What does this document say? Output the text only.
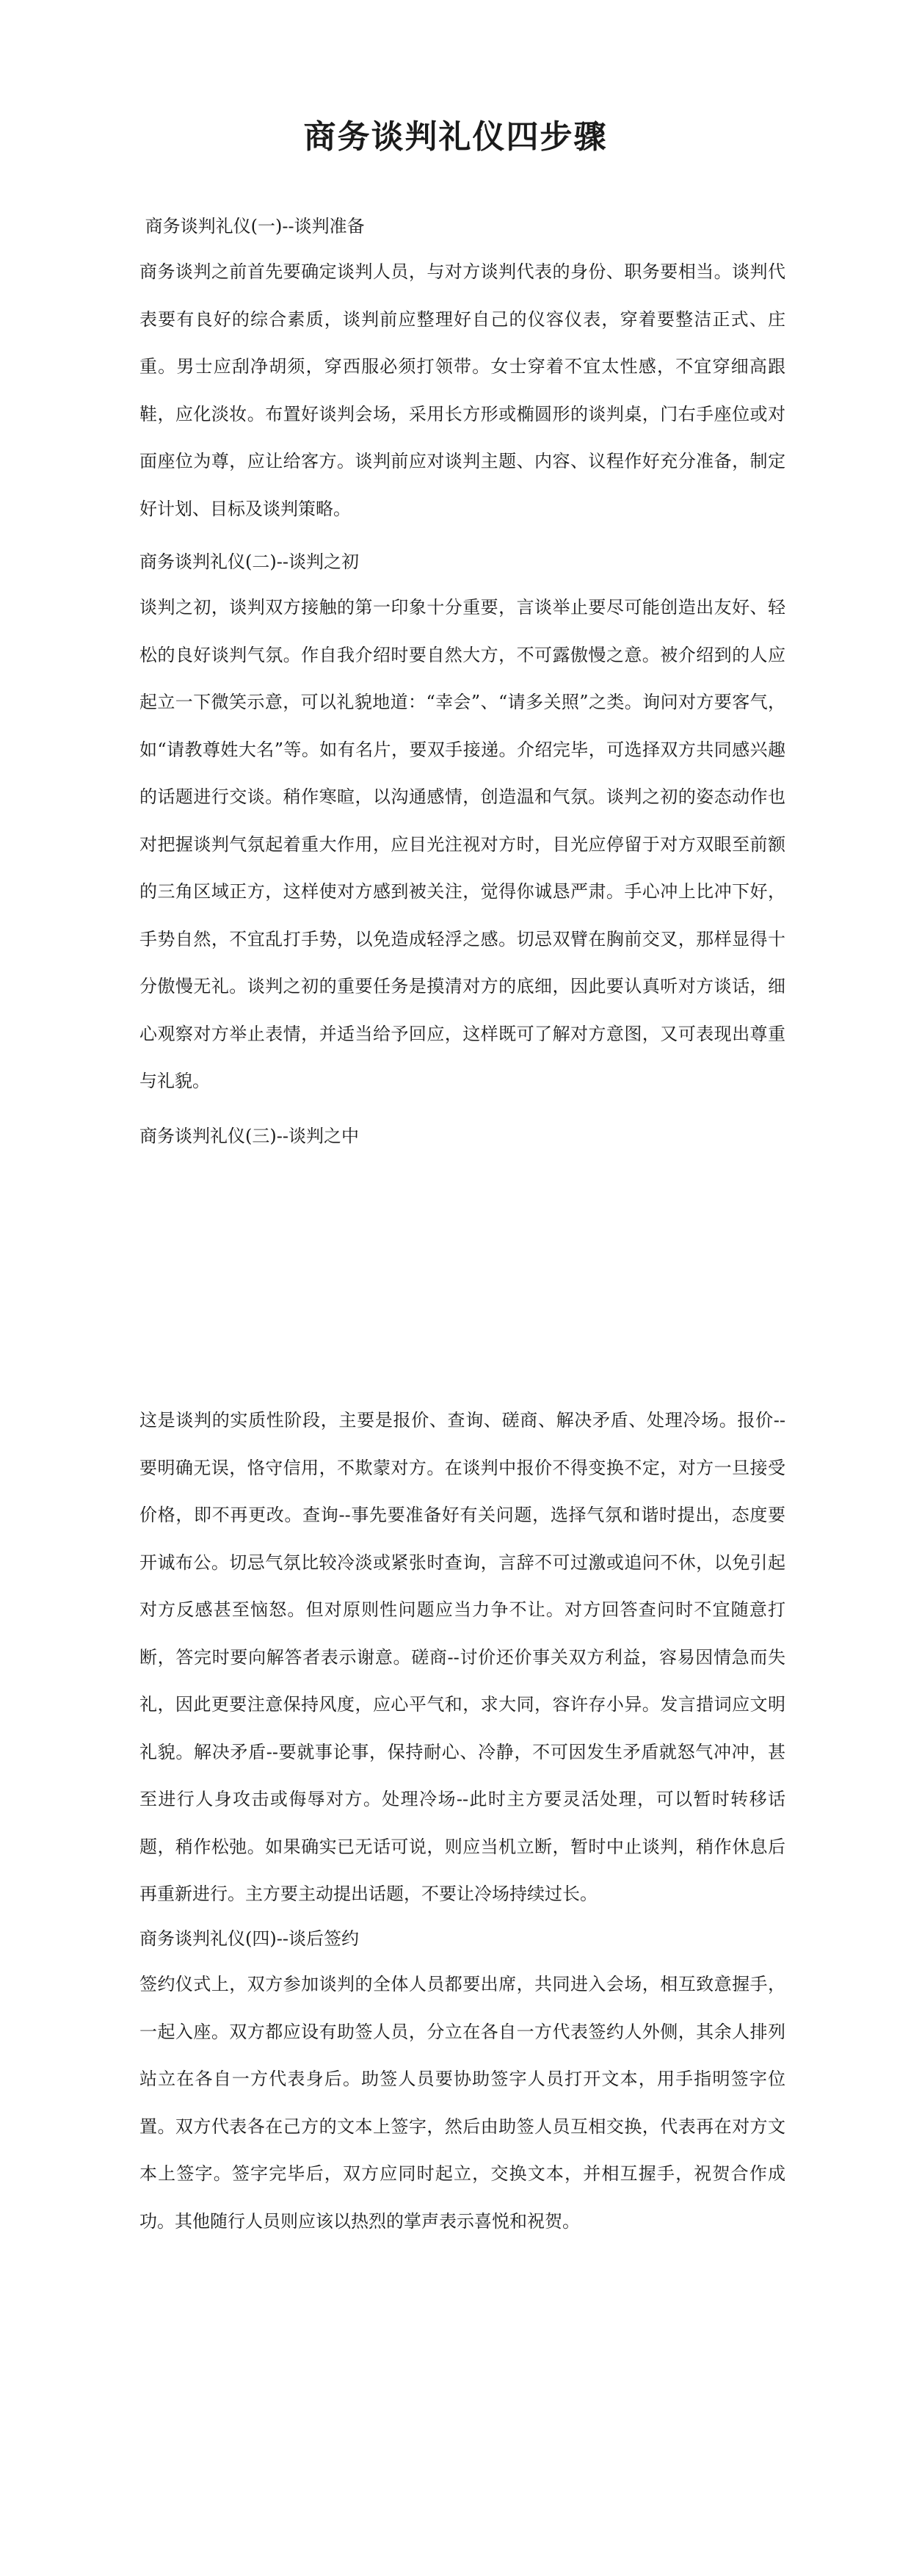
商务谈判礼仪四步骤

商务谈判礼仪(一)--谈判准备

商务谈判之前首先要确定谈判人员，与对方谈判代表的身份、职务要相当。谈判代表要有良好的综合素质，谈判前应整理好自己的仪容仪表，穿着要整洁正式、庄重。男士应刮净胡须，穿西服必须打领带。女士穿着不宜太性感，不宜穿细高跟鞋，应化淡妆。布置好谈判会场，采用长方形或椭圆形的谈判桌，门右手座位或对面座位为尊，应让给客方。谈判前应对谈判主题、内容、议程作好充分准备，制定好计划、目标及谈判策略。

商务谈判礼仪(二)--谈判之初

谈判之初，谈判双方接触的第一印象十分重要，言谈举止要尽可能创造出友好、轻松的良好谈判气氛。作自我介绍时要自然大方，不可露傲慢之意。被介绍到的人应起立一下微笑示意，可以礼貌地道：“幸会”、“请多关照”之类。询问对方要客气，如“请教尊姓大名”等。如有名片，要双手接递。介绍完毕，可选择双方共同感兴趣的话题进行交谈。稍作寒暄，以沟通感情，创造温和气氛。谈判之初的姿态动作也对把握谈判气氛起着重大作用，应目光注视对方时，目光应停留于对方双眼至前额的三角区域正方，这样使对方感到被关注，觉得你诚恳严肃。手心冲上比冲下好，手势自然，不宜乱打手势，以免造成轻浮之感。切忌双臂在胸前交叉，那样显得十分傲慢无礼。谈判之初的重要任务是摸清对方的底细，因此要认真听对方谈话，细心观察对方举止表情，并适当给予回应，这样既可了解对方意图，又可表现出尊重与礼貌。

商务谈判礼仪(三)--谈判之中

这是谈判的实质性阶段，主要是报价、查询、磋商、解决矛盾、处理冷场。报价--要明确无误，恪守信用，不欺蒙对方。在谈判中报价不得变换不定，对方一旦接受价格，即不再更改。查询--事先要准备好有关问题，选择气氛和谐时提出，态度要开诚布公。切忌气氛比较冷淡或紧张时查询，言辞不可过激或追问不休，以免引起对方反感甚至恼怒。但对原则性问题应当力争不让。对方回答查问时不宜随意打断，答完时要向解答者表示谢意。磋商--讨价还价事关双方利益，容易因情急而失礼，因此更要注意保持风度，应心平气和，求大同，容许存小异。发言措词应文明礼貌。解决矛盾--要就事论事，保持耐心、冷静，不可因发生矛盾就怒气冲冲，甚至进行人身攻击或侮辱对方。处理冷场--此时主方要灵活处理，可以暂时转移话题，稍作松弛。如果确实已无话可说，则应当机立断，暂时中止谈判，稍作休息后再重新进行。主方要主动提出话题，不要让冷场持续过长。

商务谈判礼仪(四)--谈后签约

签约仪式上，双方参加谈判的全体人员都要出席，共同进入会场，相互致意握手，一起入座。双方都应设有助签人员，分立在各自一方代表签约人外侧，其余人排列站立在各自一方代表身后。助签人员要协助签字人员打开文本，用手指明签字位置。双方代表各在己方的文本上签字，然后由助签人员互相交换，代表再在对方文本上签字。签字完毕后，双方应同时起立，交换文本，并相互握手，祝贺合作成功。其他随行人员则应该以热烈的掌声表示喜悦和祝贺。
